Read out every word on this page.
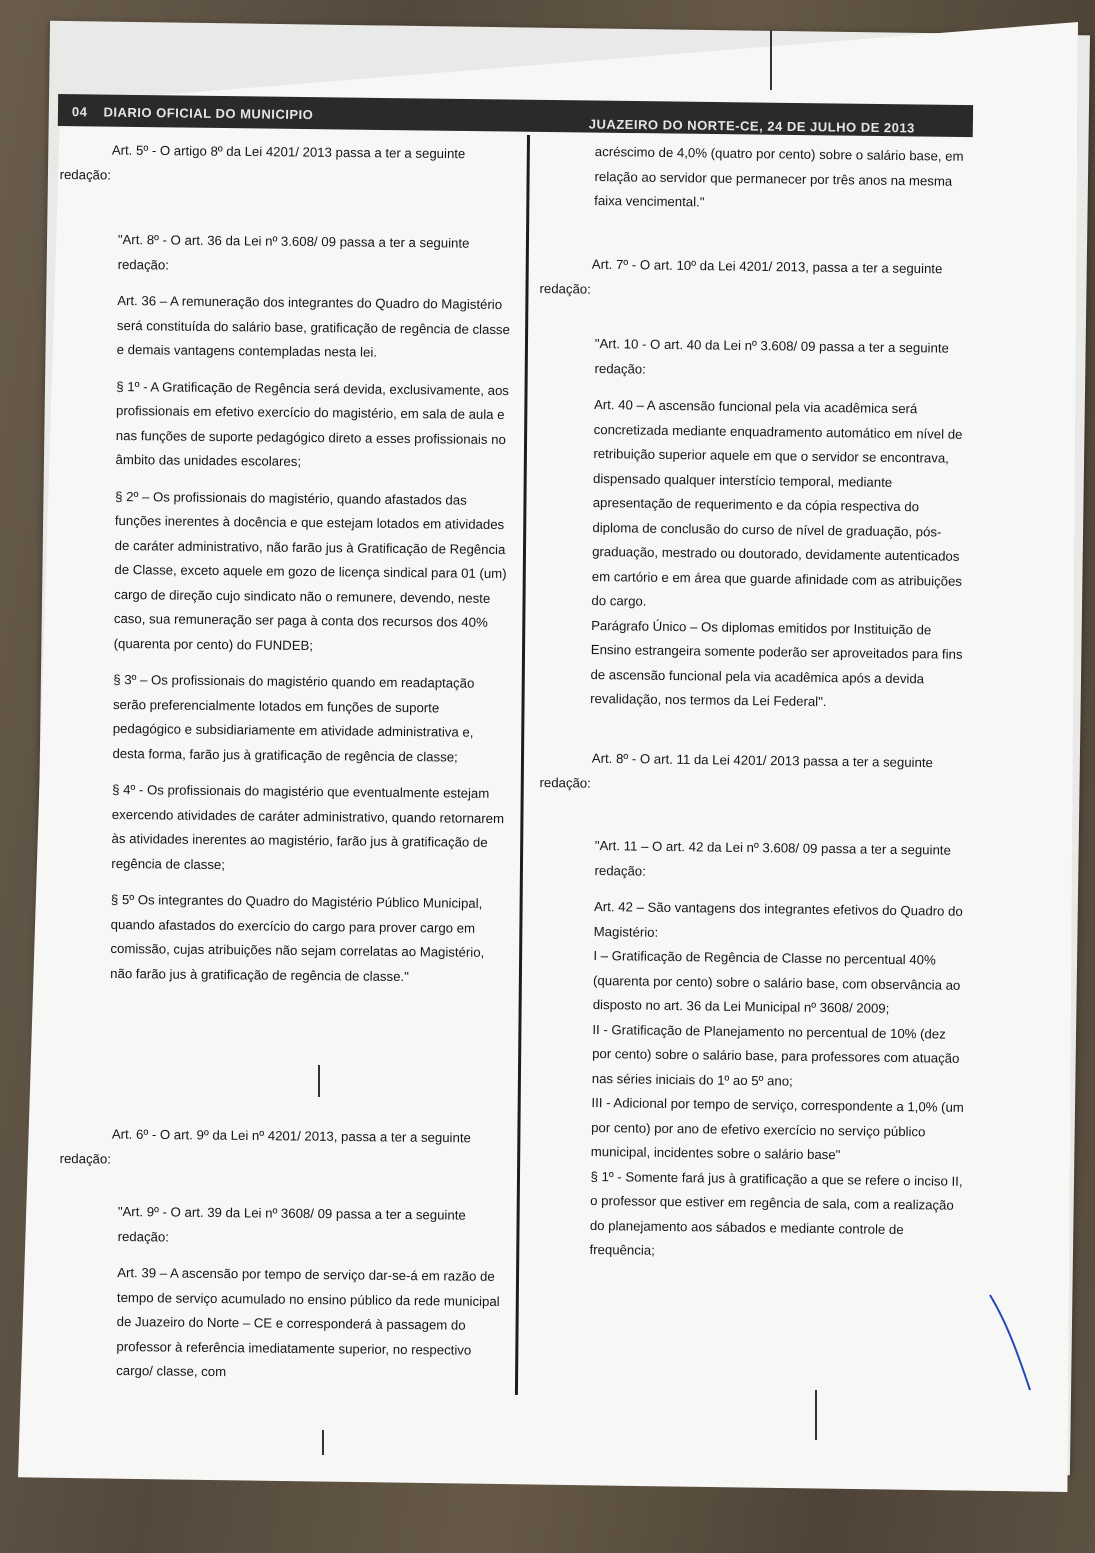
04 DIARIO OFICIAL DO MUNICIPIO
JUAZEIRO DO NORTE-CE, 24 DE JULHO DE 2013

Art. 5º - O artigo 8º da Lei 4201/ 2013 passa a ter a seguinte redação:

"Art. 8º - O art. 36 da Lei nº 3.608/ 09 passa a ter a seguinte redação:

Art. 36 – A remuneração dos integrantes do Quadro do Magistério será constituída do salário base, gratificação de regência de classe e demais vantagens contempladas nesta lei.

§ 1º - A Gratificação de Regência será devida, exclusivamente, aos profissionais em efetivo exercício do magistério, em sala de aula e nas funções de suporte pedagógico direto a esses profissionais no âmbito das unidades escolares;

§ 2º – Os profissionais do magistério, quando afastados das funções inerentes à docência e que estejam lotados em atividades de caráter administrativo, não farão jus à Gratificação de Regência de Classe, exceto aquele em gozo de licença sindical para 01 (um) cargo de direção cujo sindicato não o remunere, devendo, neste caso, sua remuneração ser paga à conta dos recursos dos 40% (quarenta por cento) do FUNDEB;

§ 3º – Os profissionais do magistério quando em readaptação serão preferencialmente lotados em funções de suporte pedagógico e subsidiariamente em atividade administrativa e, desta forma, farão jus à gratificação de regência de classe;

§ 4º - Os profissionais do magistério que eventualmente estejam exercendo atividades de caráter administrativo, quando retornarem às atividades inerentes ao magistério, farão jus à gratificação de regência de classe;

§ 5º Os integrantes do Quadro do Magistério Público Municipal, quando afastados do exercício do cargo para prover cargo em comissão, cujas atribuições não sejam correlatas ao Magistério, não farão jus à gratificação de regência de classe."

Art. 6º - O art. 9º da Lei nº 4201/ 2013, passa a ter a seguinte redação:

"Art. 9º - O art. 39 da Lei nº 3608/ 09 passa a ter a seguinte redação:

Art. 39 – A ascensão por tempo de serviço dar-se-á em razão de tempo de serviço acumulado no ensino público da rede municipal de Juazeiro do Norte – CE e corresponderá à passagem do professor à referência imediatamente superior, no respectivo cargo/ classe, com

acréscimo de 4,0% (quatro por cento) sobre o salário base, em relação ao servidor que permanecer por três anos na mesma faixa vencimental."

Art. 7º - O art. 10º da Lei 4201/ 2013, passa a ter a seguinte redação:

"Art. 10 - O art. 40 da Lei nº 3.608/ 09 passa a ter a seguinte redação:

Art. 40 – A ascensão funcional pela via acadêmica será concretizada mediante enquadramento automático em nível de retribuição superior aquele em que o servidor se encontrava, dispensado qualquer interstício temporal, mediante apresentação de requerimento e da cópia respectiva do diploma de conclusão do curso de nível de graduação, pós-graduação, mestrado ou doutorado, devidamente autenticados em cartório e em área que guarde afinidade com as atribuições do cargo.

Parágrafo Único – Os diplomas emitidos por Instituição de Ensino estrangeira somente poderão ser aproveitados para fins de ascensão funcional pela via acadêmica após a devida revalidação, nos termos da Lei Federal".

Art. 8º - O art. 11 da Lei 4201/ 2013 passa a ter a seguinte redação:

"Art. 11 – O art. 42 da Lei nº 3.608/ 09 passa a ter a seguinte redação:

Art. 42 – São vantagens dos integrantes efetivos do Quadro do Magistério:

I – Gratificação de Regência de Classe no percentual 40% (quarenta por cento) sobre o salário base, com observância ao disposto no art. 36 da Lei Municipal nº 3608/ 2009;

II - Gratificação de Planejamento no percentual de 10% (dez por cento) sobre o salário base, para professores com atuação nas séries iniciais do 1º ao 5º ano;

III - Adicional por tempo de serviço, correspondente a 1,0% (um por cento) por ano de efetivo exercício no serviço público municipal, incidentes sobre o salário base"

§ 1º - Somente fará jus à gratificação a que se refere o inciso II, o professor que estiver em regência de sala, com a realização do planejamento aos sábados e mediante controle de frequência;
